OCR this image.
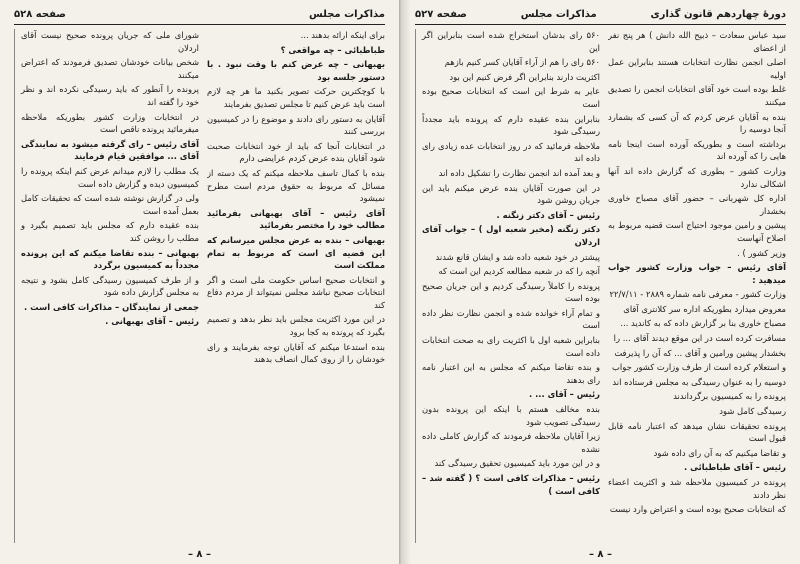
مذاکرات مجلس
صفحه ۵۲۸

برای اینکه ارائه بدهند ...

طباطبائی – چه مواقعی ؟

بهبهانی – چه عرض کنم با وقت نبود . با دستور جلسه بود

با کوچکترین حرکت تصویر بکنید ما هر چه لازم است باید عرض کنیم تا مجلس تصدیق بفرمایند

آقایان به دستور رای دادند و موضوع را در کمیسیون بررسی کنند

در انتخابات آنجا که باید از خود انتخابات صحبت شود آقایان بنده عرض کردم عرایضی دارم

بنده با کمال تاسف ملاحظه میکنم که یک دسته از مسائل که مربوط به حقوق مردم است مطرح نمیشود

آقای رئیس – آقای بهبهانی بفرمائید مطالب خود را مختصر بفرمائید

بهبهانی – بنده به عرض مجلس میرسانم که این قضیه ای است که مربوط به تمام مملکت است

و انتخابات صحیح اساس حکومت ملی است و اگر انتخابات صحیح نباشد مجلس نمیتواند از مردم دفاع کند

در این مورد اکثریت مجلس باید نظر بدهد و تصمیم بگیرد که پرونده به کجا برود

بنده استدعا میکنم که آقایان توجه بفرمایند و رای خودشان را از روی کمال انصاف بدهند

شورای ملی که جریان پرونده صحیح نیست آقای اردلان

شخص بیانات خودشان تصدیق فرمودند که اعتراض میکنند

پرونده را آنطور که باید رسیدگی نکرده اند و نظر خود را گفته اند

در انتخابات وزارت کشور بطوریکه ملاحظه میفرمائید پرونده ناقص است

آقای رئیس – رای گرفته میشود به نمایندگی آقای ... موافقین قیام فرمایند

یک مطلب را لازم میدانم عرض کنم اینکه پرونده را کمیسیون دیده و گزارش داده است

ولی در گزارش نوشته شده است که تحقیقات کامل بعمل آمده است

بنده عقیده دارم که مجلس باید تصمیم بگیرد و مطلب را روشن کند

بهبهانی – بنده تقاضا میکنم که این پرونده مجدداً به کمیسیون برگردد

و از طرف کمیسیون رسیدگی کامل بشود و نتیجه به مجلس گزارش داده شود

جمعی از نمایندگان – مذاکرات کافی است .

رئیس – آقای بهبهانی .

– ۸ –
دورهٔ چهاردهم قانون گذاری
مذاکرات مجلس
صفحه ۵۲۷

سید عباس سعادت – ذبیح الله دانش ) هر پنج نفر از اعضای

اصلی انجمن نظارت انتخابات هستند بنابراین عمل اولیه

غلط بوده است خود آقای انتخابات انجمن را تصدیق میکنند

بنده به آقایان عرض کردم که آن کسی که بشمارد آنجا دوسیه را

برداشته است و بطوریکه آورده است اینجا نامه هایی را که آورده اند

وزارت کشور – بطوری که گزارش داده اند آنها اشکالی ندارد

اداره کل شهربانی – حضور آقای مصباح خاوری بخشدار

پیشین و رامین موجود احتیاج است قضیه مربوط به اصلاح آنهاست

وزیر کشور ) .

آقای رئیس – جواب وزارت کشور جواب میدهید :

وزارت کشور - معرفی نامه شماره ۲۸۸۹ - ۲۲/۷/۱۱

معروض میدارد بطوریکه اداره سر کلانتری آقای

مصباح خاوری بنا بر گزارش داده که به کاندید ...

مسافرت کرده است در این موقع دیدند آقای ... را

بخشدار پیشین ورامین و آقای ... که آن را پذیرفت

و استعلام کرده است از طرف وزارت کشور جواب

دوسیه را به عنوان رسیدگی به مجلس فرستاده اند

پرونده را به کمیسیون برگرداندند

رسیدگی کامل شود

پرونده تحقیقات نشان میدهد که اعتبار نامه قابل قبول است

و تقاضا میکنیم که به آن رای داده شود

رئیس – آقای طباطبائی .

پرونده در کمیسیون ملاحظه شد و اکثریت اعضاء نظر دادند

که انتخابات صحیح بوده است و اعتراض وارد نیست

۵۶۰ رای بدشان استخراج شده است بنابراین اگر این

۵۶۰ رای را هم از آراء آقایان کسر کنیم بازهم

اکثریت دارند بنابراین اگر فرض کنیم این بود

عایر به شرط این است که انتخابات صحیح بوده است

بنابراین بنده عقیده دارم که پرونده باید مجدداً رسیدگی شود

ملاحظه فرمائید که در روز انتخابات عده زیادی رای داده اند

و بعد آمده اند انجمن نظارت را تشکیل داده اند

در این صورت آقایان بنده عرض میکنم باید این جریان روشن شود

رئیس – آقای دکتر زنگنه .

دکتر زنگنه (مخبر شعبه اول ) – جواب آقای اردلان

پیشتر در خود شعبه داده شد و ایشان قانع شدند

آنچه را که در شعبه مطالعه کردیم این است که

پرونده را کاملاً رسیدگی کردیم و این جریان صحیح بوده است

و تمام آراء خوانده شده و انجمن نظارت نظر داده است

بنابراین شعبه اول با اکثریت رای به صحت انتخابات داده است

و بنده تقاضا میکنم که مجلس به این اعتبار نامه رای بدهند

رئیس – آقای ... .

بنده مخالف هستم با اینکه این پرونده بدون رسیدگی تصویب شود

زیرا آقایان ملاحظه فرمودند که گزارش کاملی داده نشده

و در این مورد باید کمیسیون تحقیق رسیدگی کند

رئیس – مذاکرات کافی است ؟ ( گفته شد – کافی است )

– ۸ –
